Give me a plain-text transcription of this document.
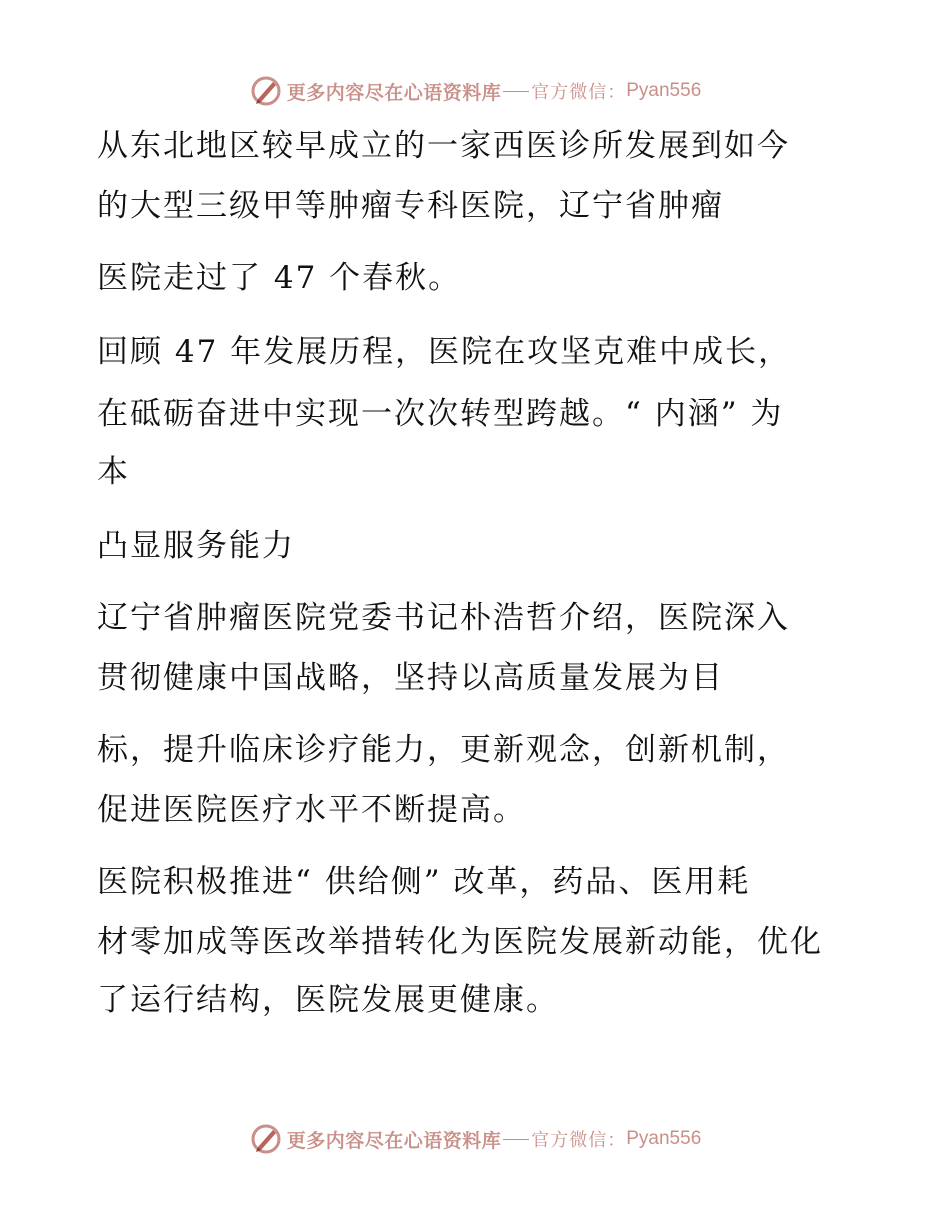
更多内容尽在心语资料库 官方微信： Pyan556

从东北地区较早成立的一家西医诊所发展到如今

的大型三级甲等肿瘤专科医院，辽宁省肿瘤

医院走过了 47 个春秋。

回顾 47 年发展历程，医院在攻坚克难中成长，

在砥砺奋进中实现一次次转型跨越。“ 内涵” 为

本

凸显服务能力

辽宁省肿瘤医院党委书记朴浩哲介绍，医院深入

贯彻健康中国战略，坚持以高质量发展为目

标，提升临床诊疗能力，更新观念，创新机制，

促进医院医疗水平不断提高。

医院积极推进“ 供给侧” 改革，药品、医用耗

材零加成等医改举措转化为医院发展新动能，优化

了运行结构，医院发展更健康。

更多内容尽在心语资料库 官方微信： Pyan556
